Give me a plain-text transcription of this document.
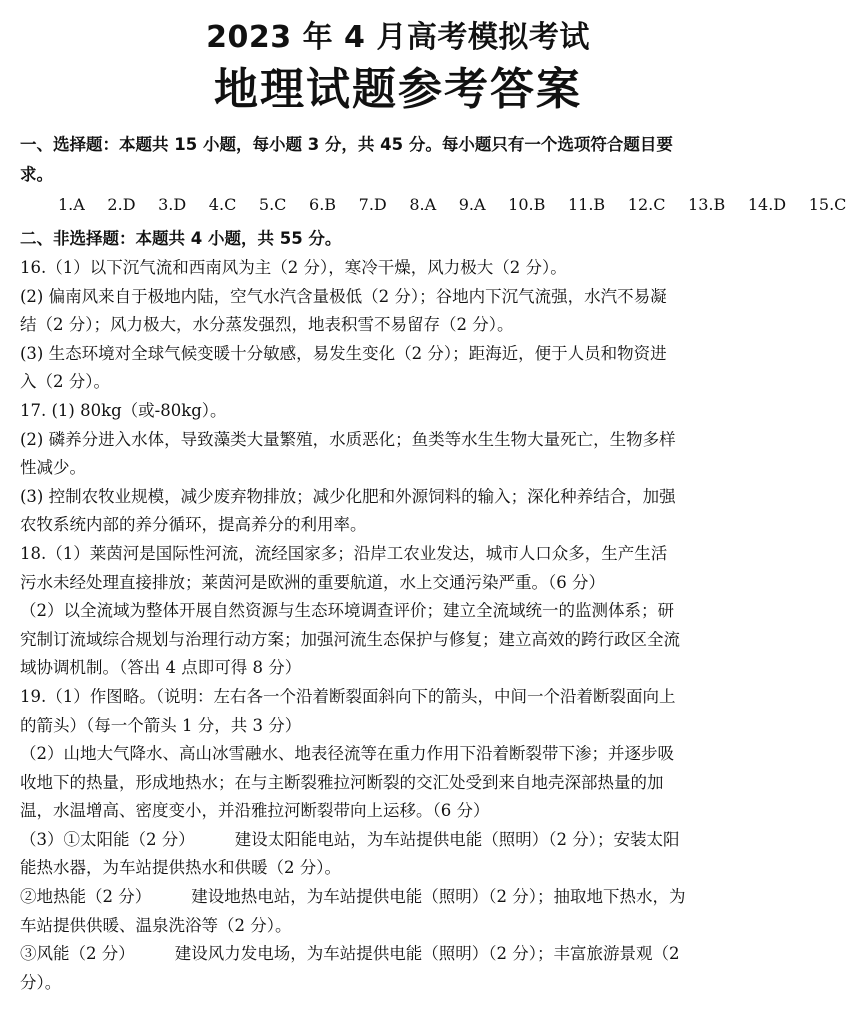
2023 年 4 月高考模拟考试
地理试题参考答案
一、选择题：本题共 15 小题，每小题 3 分，共 45 分。每小题只有一个选项符合题目要
求。
1.A 2.D 3.D 4.C 5.C 6.B 7.D 8.A 9.A 10.B 11.B 12.C 13.B 14.D 15.C
二、非选择题：本题共 4 小题，共 55 分。
16.（1）以下沉气流和西南风为主（2 分），寒冷干燥，风力极大（2 分）。
(2) 偏南风来自于极地内陆，空气水汽含量极低（2 分）；谷地内下沉气流强，水汽不易凝
结（2 分）；风力极大，水分蒸发强烈，地表积雪不易留存（2 分）。
(3) 生态环境对全球气候变暖十分敏感，易发生变化（2 分）；距海近，便于人员和物资进
入（2 分）。
17. (1) 80kg（或-80kg）。
(2) 磷养分进入水体，导致藻类大量繁殖，水质恶化；鱼类等水生生物大量死亡，生物多样
性减少。
(3) 控制农牧业规模，减少废弃物排放；减少化肥和外源饲料的输入；深化种养结合，加强
农牧系统内部的养分循环，提高养分的利用率。
18.（1）莱茵河是国际性河流，流经国家多；沿岸工农业发达，城市人口众多，生产生活
污水未经处理直接排放；莱茵河是欧洲的重要航道，水上交通污染严重。（6 分）
（2）以全流域为整体开展自然资源与生态环境调查评价；建立全流域统一的监测体系；研
究制订流域综合规划与治理行动方案；加强河流生态保护与修复；建立高效的跨行政区全流
域协调机制。（答出 4 点即可得 8 分）
19.（1）作图略。（说明：左右各一个沿着断裂面斜向下的箭头，中间一个沿着断裂面向上
的箭头）（每一个箭头 1 分，共 3 分）
（2）山地大气降水、高山冰雪融水、地表径流等在重力作用下沿着断裂带下渗；并逐步吸
收地下的热量，形成地热水；在与主断裂雅拉河断裂的交汇处受到来自地壳深部热量的加
温，水温增高、密度变小，并沿雅拉河断裂带向上运移。（6 分）
（3）①太阳能（2 分） 建设太阳能电站，为车站提供电能（照明）（2 分）；安装太阳
能热水器，为车站提供热水和供暖（2 分）。
②地热能（2 分） 建设地热电站，为车站提供电能（照明）（2 分）；抽取地下热水，为
车站提供供暖、温泉洗浴等（2 分）。
③风能（2 分） 建设风力发电场，为车站提供电能（照明）（2 分）；丰富旅游景观（2
分）。
